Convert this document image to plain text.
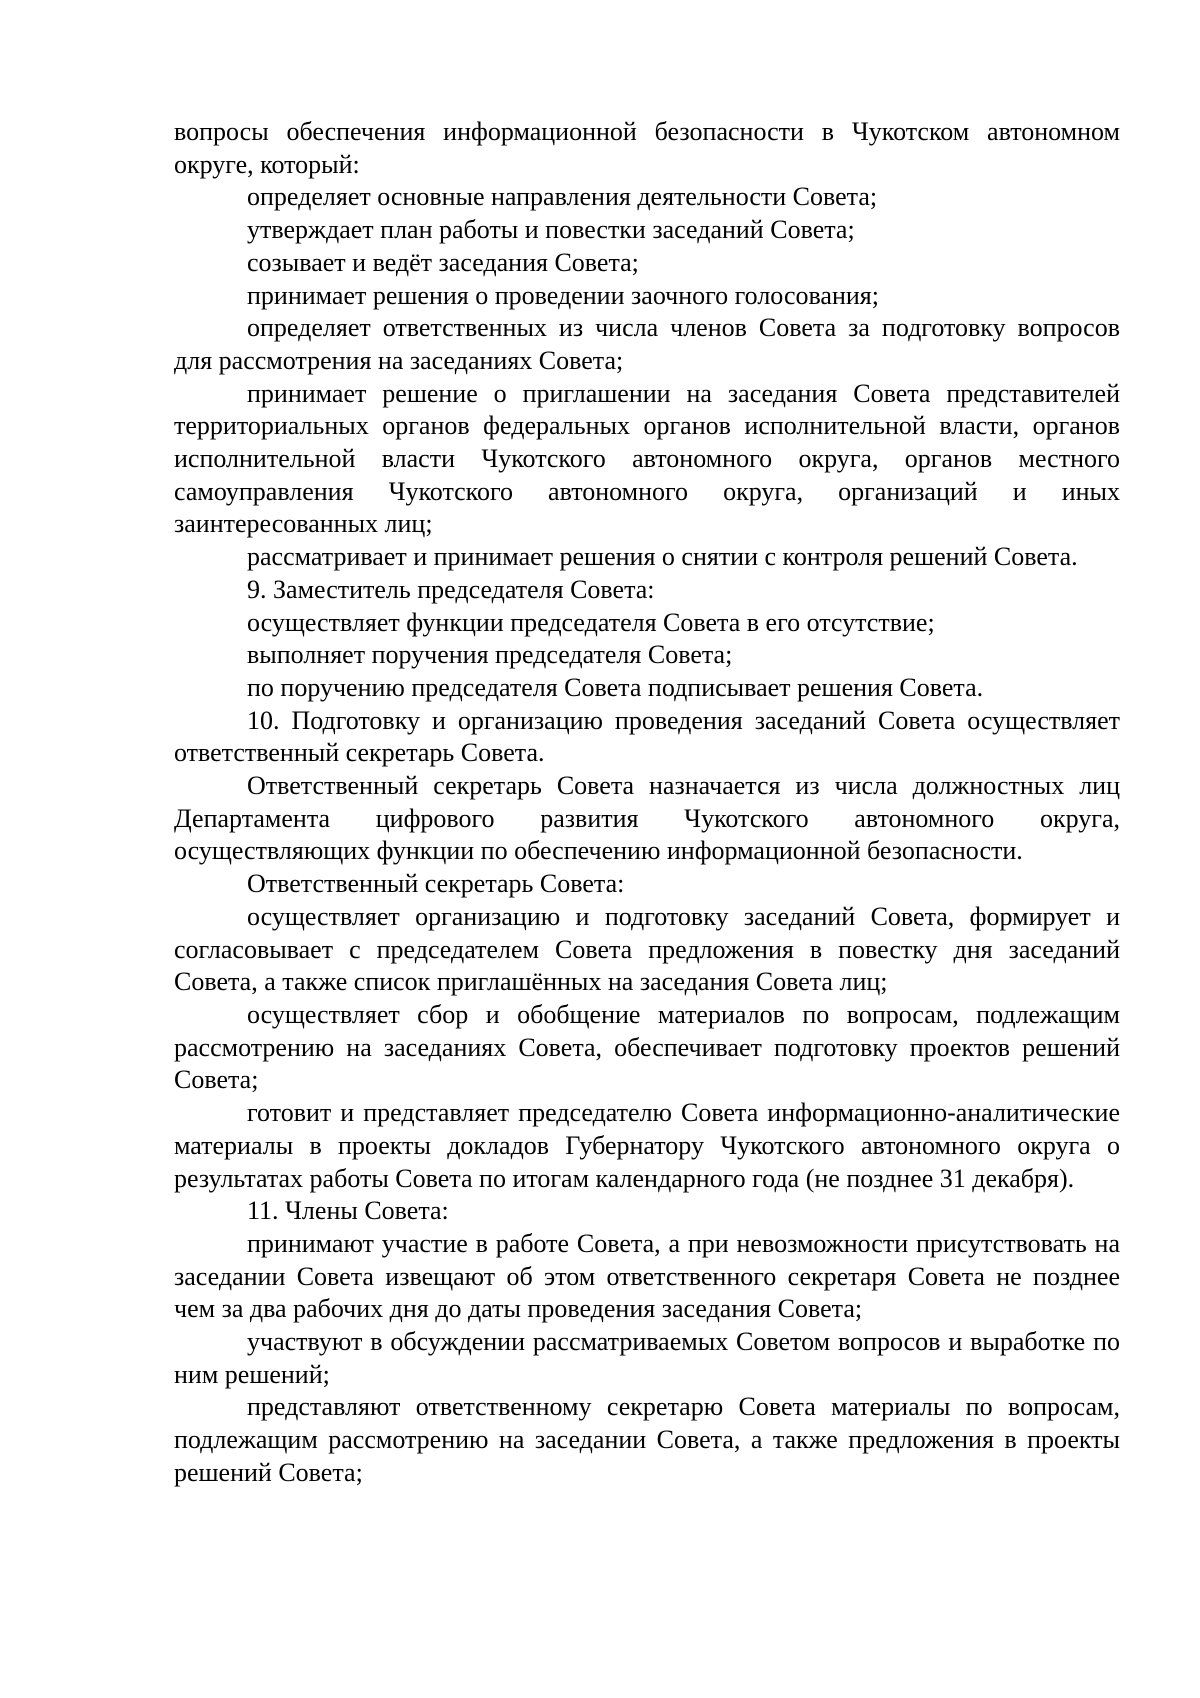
вопросы обеспечения информационной безопасности в Чукотском автономном округе, который:

определяет основные направления деятельности Совета;

утверждает план работы и повестки заседаний Совета;

созывает и ведёт заседания Совета;

принимает решения о проведении заочного голосования;

определяет ответственных из числа членов Совета за подготовку вопросов для рассмотрения на заседаниях Совета;

принимает решение о приглашении на заседания Совета представителей территориальных органов федеральных органов исполнительной власти, органов исполнительной власти Чукотского автономного округа, органов местного самоуправления Чукотского автономного округа, организаций и иных заинтересованных лиц;

рассматривает и принимает решения о снятии с контроля решений Совета.

9. Заместитель председателя Совета:

осуществляет функции председателя Совета в его отсутствие;

выполняет поручения председателя Совета;

по поручению председателя Совета подписывает решения Совета.

10. Подготовку и организацию проведения заседаний Совета осуществляет ответственный секретарь Совета.

Ответственный секретарь Совета назначается из числа должностных лиц Департамента цифрового развития Чукотского автономного округа, осуществляющих функции по обеспечению информационной безопасности.

Ответственный секретарь Совета:

осуществляет организацию и подготовку заседаний Совета, формирует и согласовывает с председателем Совета предложения в повестку дня заседаний Совета, а также список приглашённых на заседания Совета лиц;

осуществляет сбор и обобщение материалов по вопросам, подлежащим рассмотрению на заседаниях Совета, обеспечивает подготовку проектов решений Совета;

готовит и представляет председателю Совета информационно-аналитические материалы в проекты докладов Губернатору Чукотского автономного округа о результатах работы Совета по итогам календарного года (не позднее 31 декабря).

11. Члены Совета:

принимают участие в работе Совета, а при невозможности присутствовать на заседании Совета извещают об этом ответственного секретаря Совета не позднее чем за два рабочих дня до даты проведения заседания Совета;

участвуют в обсуждении рассматриваемых Советом вопросов и выработке по ним решений;

представляют ответственному секретарю Совета материалы по вопросам, подлежащим рассмотрению на заседании Совета, а также предложения в проекты решений Совета;
